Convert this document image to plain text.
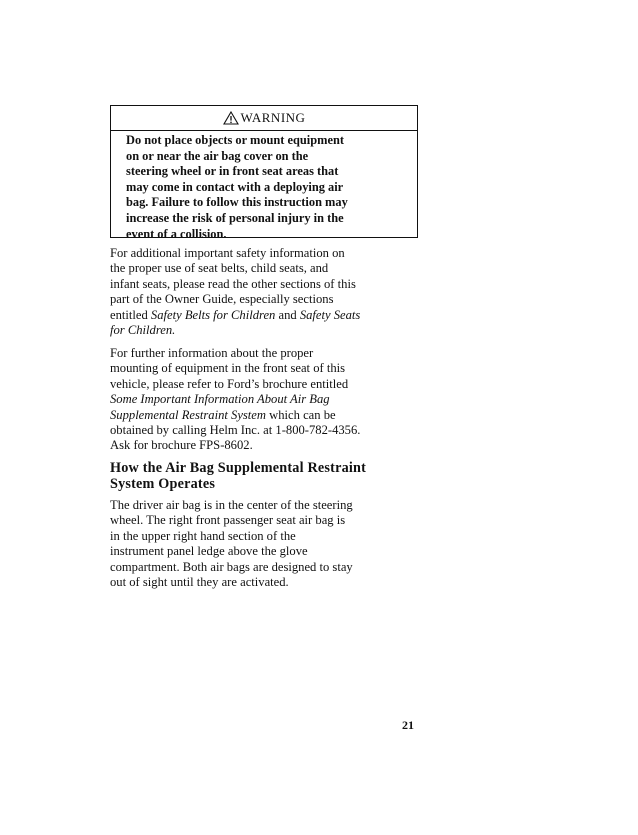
WARNING
Do not place objects or mount equipment
on or near the air bag cover on the
steering wheel or in front seat areas that
may come in contact with a deploying air
bag. Failure to follow this instruction may
increase the risk of personal injury in the
event of a collision.
For additional important safety information on
the proper use of seat belts, child seats, and
infant seats, please read the other sections of this
part of the Owner Guide, especially sections
entitled Safety Belts for Children and Safety Seats
for Children.
For further information about the proper
mounting of equipment in the front seat of this
vehicle, please refer to Ford’s brochure entitled
Some Important Information About Air Bag
Supplemental Restraint System which can be
obtained by calling Helm Inc. at 1-800-782-4356.
Ask for brochure FPS-8602.
How the Air Bag Supplemental Restraint
System Operates
The driver air bag is in the center of the steering
wheel. The right front passenger seat air bag is
in the upper right hand section of the
instrument panel ledge above the glove
compartment. Both air bags are designed to stay
out of sight until they are activated.
21
